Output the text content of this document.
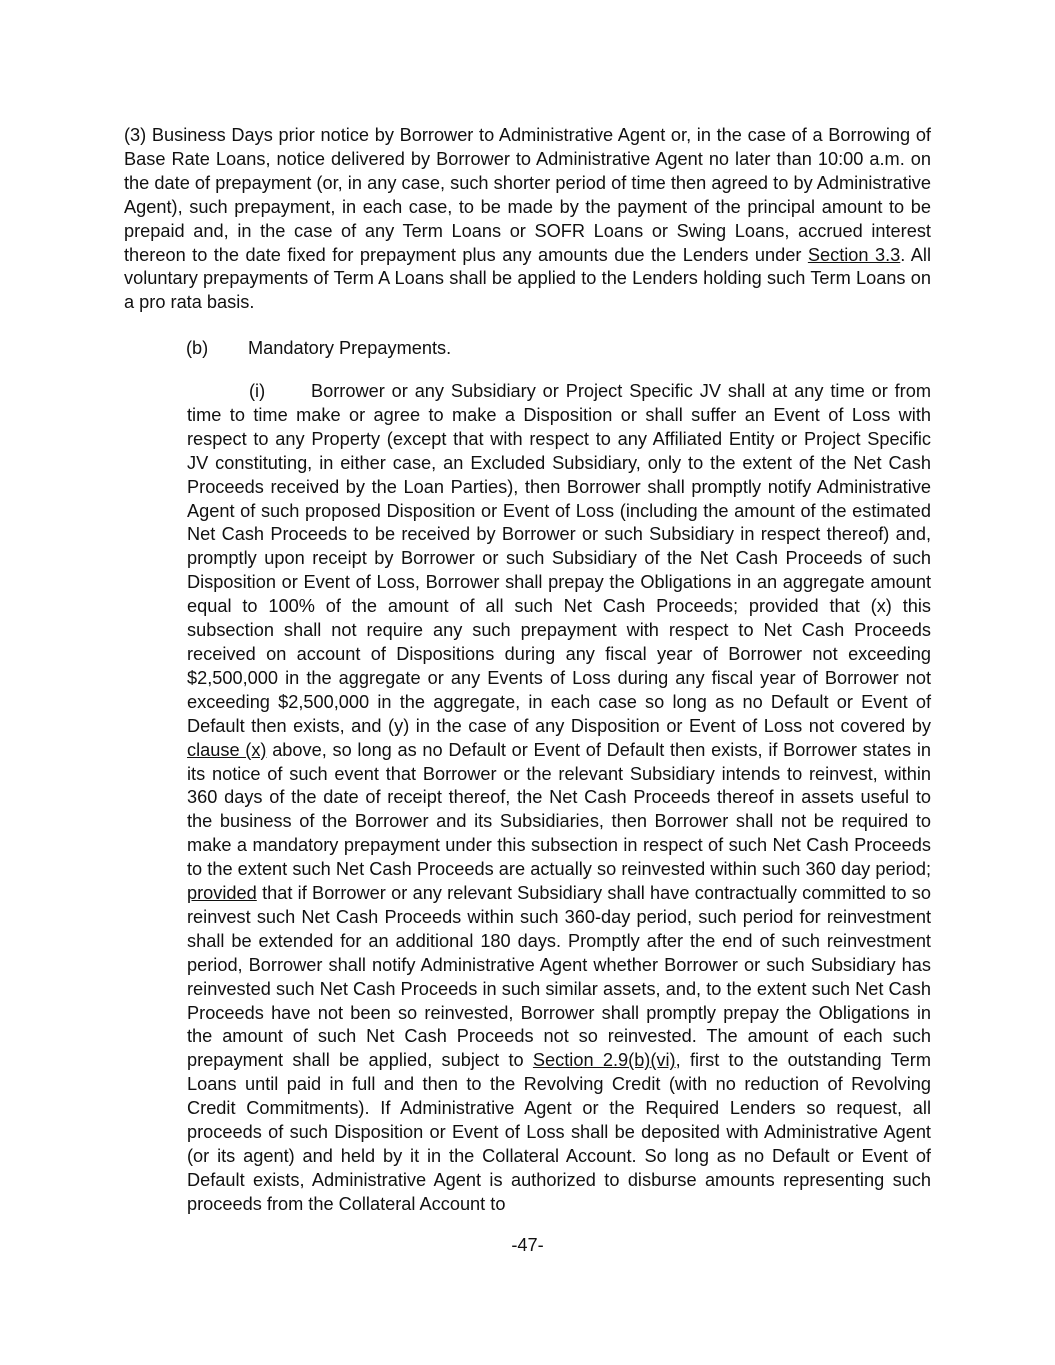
(3) Business Days prior notice by Borrower to Administrative Agent or, in the case of a Borrowing of Base Rate Loans, notice delivered by Borrower to Administrative Agent no later than 10:00 a.m. on the date of prepayment (or, in any case, such shorter period of time then agreed to by Administrative Agent), such prepayment, in each case, to be made by the payment of the principal amount to be prepaid and, in the case of any Term Loans or SOFR Loans or Swing Loans, accrued interest thereon to the date fixed for prepayment plus any amounts due the Lenders under Section 3.3. All voluntary prepayments of Term A Loans shall be applied to the Lenders holding such Term Loans on a pro rata basis.

(b) Mandatory Prepayments.

(i)	Borrower or any Subsidiary or Project Specific JV shall at any time or from time to time make or agree to make a Disposition or shall suffer an Event of Loss with respect to any Property (except that with respect to any Affiliated Entity or Project Specific JV constituting, in either case, an Excluded Subsidiary, only to the extent of the Net Cash Proceeds received by the Loan Parties), then Borrower shall promptly notify Administrative Agent of such proposed Disposition or Event of Loss (including the amount of the estimated Net Cash Proceeds to be received by Borrower or such Subsidiary in respect thereof) and, promptly upon receipt by Borrower or such Subsidiary of the Net Cash Proceeds of such Disposition or Event of Loss, Borrower shall prepay the Obligations in an aggregate amount equal to 100% of the amount of all such Net Cash Proceeds; provided that (x) this subsection shall not require any such prepayment with respect to Net Cash Proceeds received on account of Dispositions during any fiscal year of Borrower not exceeding $2,500,000 in the aggregate or any Events of Loss during any fiscal year of Borrower not exceeding $2,500,000 in the aggregate, in each case so long as no Default or Event of Default then exists, and (y) in the case of any Disposition or Event of Loss not covered by clause (x) above, so long as no Default or Event of Default then exists, if Borrower states in its notice of such event that Borrower or the relevant Subsidiary intends to reinvest, within 360 days of the date of receipt thereof, the Net Cash Proceeds thereof in assets useful to the business of the Borrower and its Subsidiaries, then Borrower shall not be required to make a mandatory prepayment under this subsection in respect of such Net Cash Proceeds to the extent such Net Cash Proceeds are actually so reinvested within such 360 day period; provided that if Borrower or any relevant Subsidiary shall have contractually committed to so reinvest such Net Cash Proceeds within such 360-day period, such period for reinvestment shall be extended for an additional 180 days. Promptly after the end of such reinvestment period, Borrower shall notify Administrative Agent whether Borrower or such Subsidiary has reinvested such Net Cash Proceeds in such similar assets, and, to the extent such Net Cash Proceeds have not been so reinvested, Borrower shall promptly prepay the Obligations in the amount of such Net Cash Proceeds not so reinvested. The amount of each such prepayment shall be applied, subject to Section 2.9(b)(vi), first to the outstanding Term Loans until paid in full and then to the Revolving Credit (with no reduction of Revolving Credit Commitments). If Administrative Agent or the Required Lenders so request, all proceeds of such Disposition or Event of Loss shall be deposited with Administrative Agent (or its agent) and held by it in the Collateral Account. So long as no Default or Event of Default exists, Administrative Agent is authorized to disburse amounts representing such proceeds from the Collateral Account to

-47-
